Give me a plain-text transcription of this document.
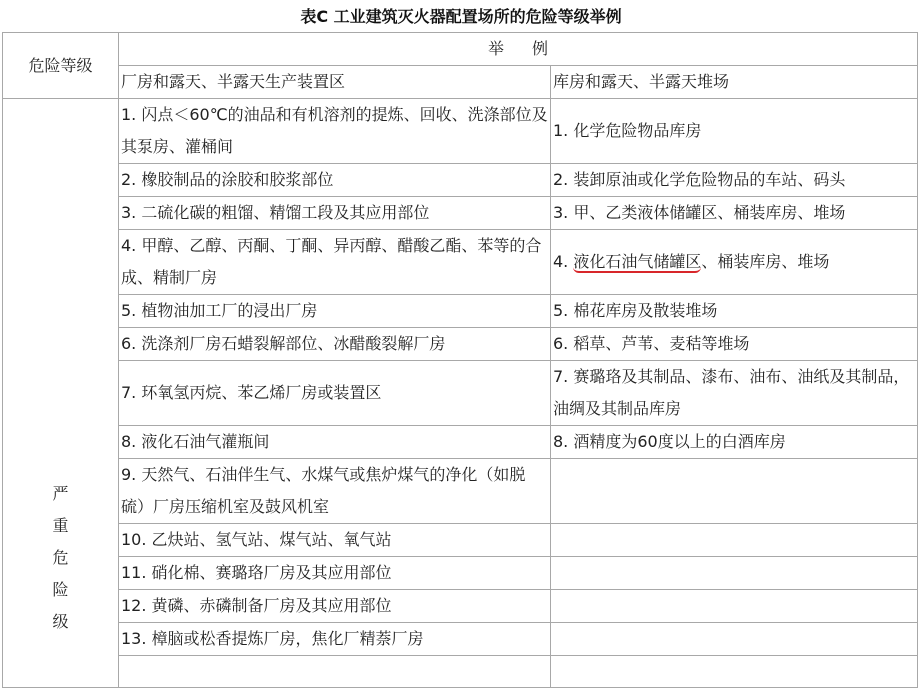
表C 工业建筑灭火器配置场所的危险等级举例
危险等级	举 例	
	厂房和露天、半露天生产装置区	库房和露天、半露天堆场

严
重
危
险
级	1. 闪点＜60℃的油品和有机溶剂的提炼、回收、洗涤部位及其泵房、灌桶间	1. 化学危险物品库房
	2. 橡胶制品的涂胶和胶浆部位	2. 装卸原油或化学危险物品的车站、码头
	3. 二硫化碳的粗馏、精馏工段及其应用部位	3. 甲、乙类液体储罐区、桶装库房、堆场
	4. 甲醇、乙醇、丙酮、丁酮、异丙醇、醋酸乙酯、苯等的合成、精制厂房	4. 液化石油气储罐区、桶装库房、堆场
	5. 植物油加工厂的浸出厂房	5. 棉花库房及散装堆场
	6. 洗涤剂厂房石蜡裂解部位、冰醋酸裂解厂房	6. 稻草、芦苇、麦秸等堆场
	7. 环氧氢丙烷、苯乙烯厂房或装置区	7. 赛璐珞及其制品、漆布、油布、油纸及其制品，油绸及其制品库房
	8. 液化石油气灌瓶间	8. 酒精度为60度以上的白酒库房
	9. 天然气、石油伴生气、水煤气或焦炉煤气的净化（如脱硫）厂房压缩机室及鼓风机室	
	10. 乙炔站、氢气站、煤气站、氧气站	
	11. 硝化棉、赛璐珞厂房及其应用部位	
	12. 黄磷、赤磷制备厂房及其应用部位	
	13. 樟脑或松香提炼厂房，焦化厂精萘厂房	
